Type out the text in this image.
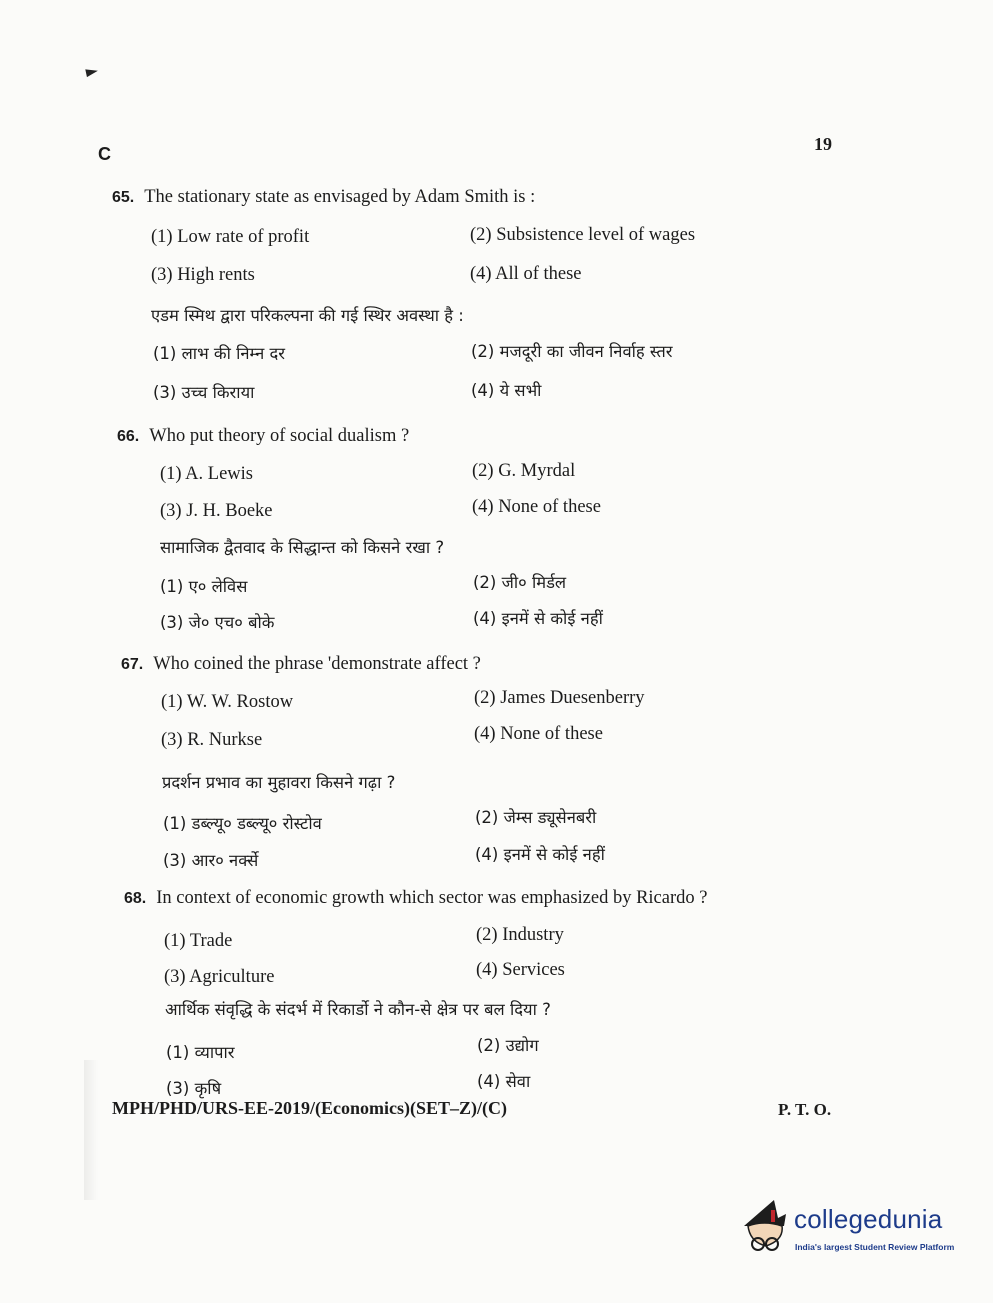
C	19
65. The stationary state as envisaged by Adam Smith is :
(1) Low rate of profit	(2) Subsistence level of wages
(3) High rents	(4) All of these
एडम स्मिथ द्वारा परिकल्पना की गई स्थिर अवस्था है :
(1) लाभ की निम्न दर	(2) मजदूरी का जीवन निर्वाह स्तर
(3) उच्च किराया	(4) ये सभी
66. Who put theory of social dualism ?
(1) A. Lewis	(2) G. Myrdal
(3) J. H. Boeke	(4) None of these
सामाजिक द्वैतवाद के सिद्धान्त को किसने रखा ?
(1) ए० लेविस	(2) जी० मिर्डल
(3) जे० एच० बोके	(4) इनमें से कोई नहीं
67. Who coined the phrase 'demonstrate affect ?
(1) W. W. Rostow	(2) James Duesenberry
(3) R. Nurkse	(4) None of these
प्रदर्शन प्रभाव का मुहावरा किसने गढ़ा ?
(1) डब्ल्यू० डब्ल्यू० रोस्टोव	(2) जेम्स ड्यूसेनबरी
(3) आर० नर्क्से	(4) इनमें से कोई नहीं
68. In context of economic growth which sector was emphasized by Ricardo ?
(1) Trade	(2) Industry
(3) Agriculture	(4) Services
आर्थिक संवृद्धि के संदर्भ में रिकार्डो ने कौन-से क्षेत्र पर बल दिया ?
(1) व्यापार	(2) उद्योग
(3) कृषि	(4) सेवा
MPH/PHD/URS-EE-2019/(Economics)(SET–Z)/(C)	P. T. O.
collegedunia
India's largest Student Review Platform
